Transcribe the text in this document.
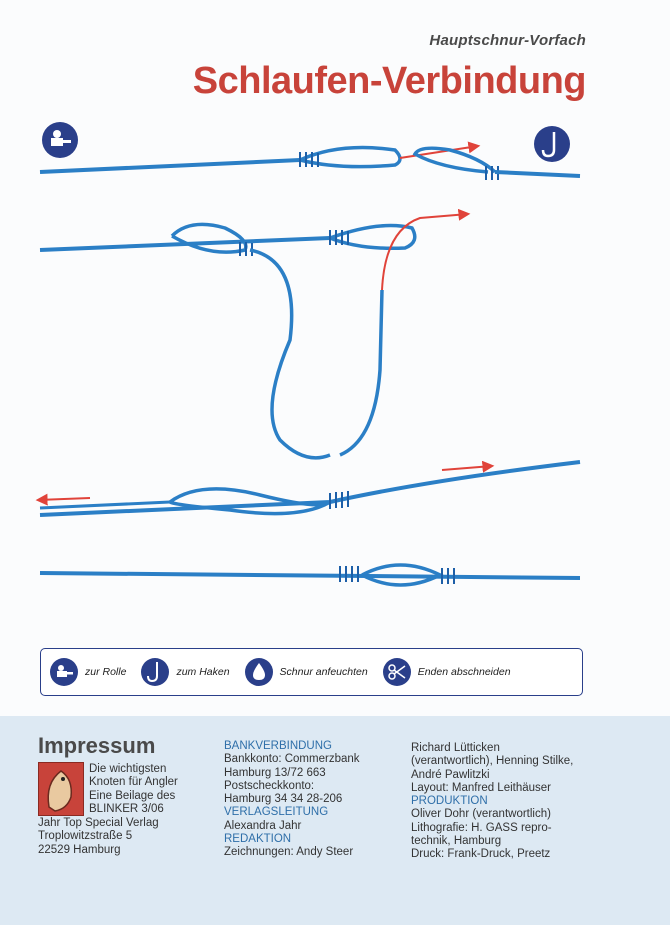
Hauptschnur-Vorfach
Schlaufen-Verbindung
zur Rolle	zum Haken	Schnur anfeuchten	Enden abschneiden
Impressum
Die wichtigsten
Knoten für Angler
Eine Beilage des
BLINKER 3/06
Jahr Top Special Verlag
Troplowitzstraße 5
22529 Hamburg
BANKVERBINDUNG
Bankkonto: Commerzbank
Hamburg 13/72 663
Postscheckkonto:
Hamburg 34 34 28-206
VERLAGSLEITUNG
Alexandra Jahr
REDAKTION
Zeichnungen: Andy Steer
Richard Lütticken
(verantwortlich), Henning Stilke,
André Pawlitzki
Layout: Manfred Leithäuser
PRODUKTION
Oliver Dohr (verantwortlich)
Lithografie: H. GASS repro-
technik, Hamburg
Druck: Frank-Druck, Preetz
